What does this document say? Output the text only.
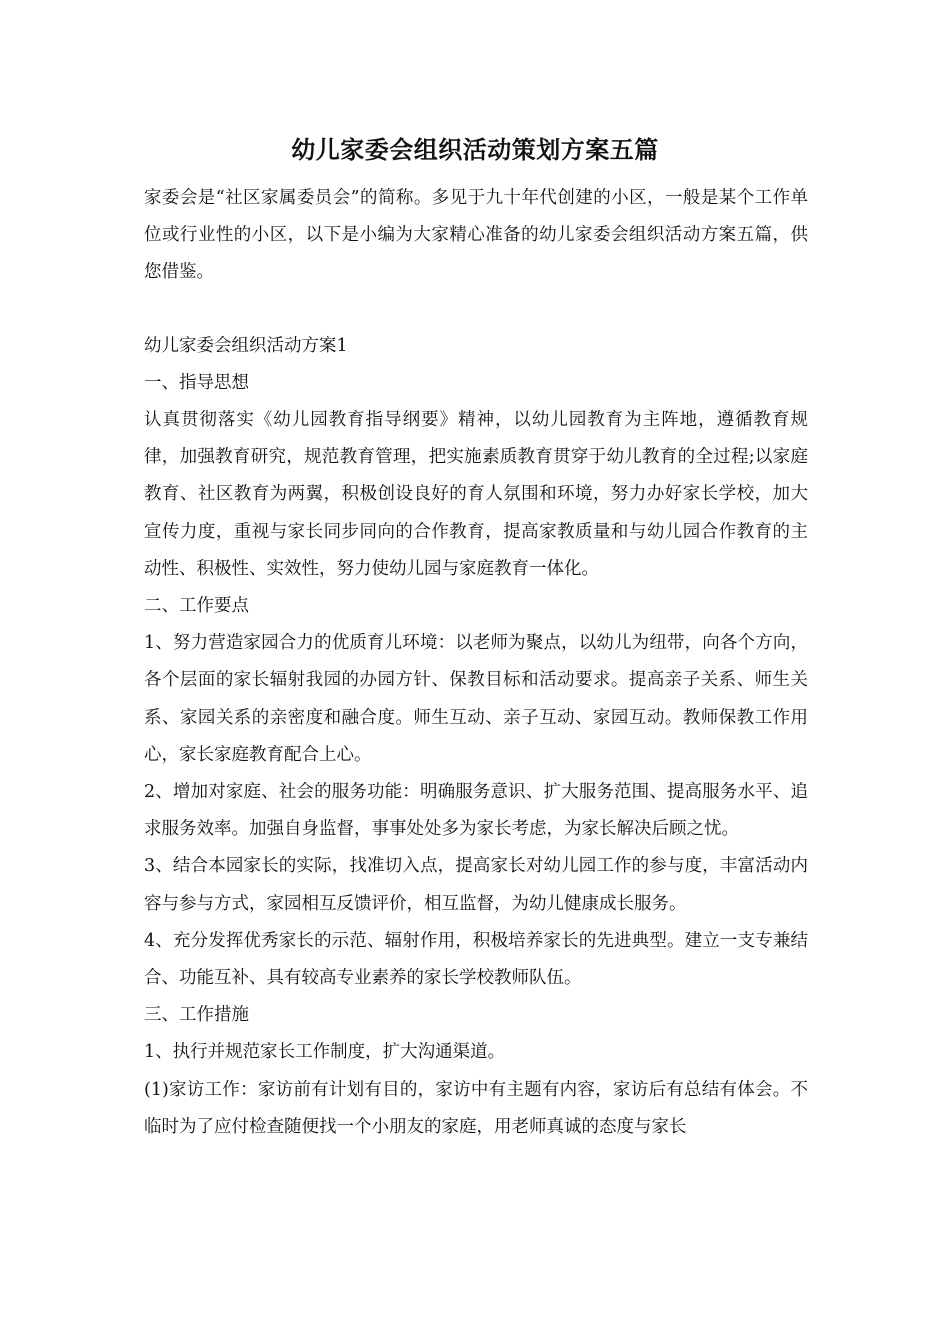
幼儿家委会组织活动策划方案五篇

家委会是“社区家属委员会”的简称。多见于九十年代创建的小区，一般是某个工作单位或行业性的小区，以下是小编为大家精心准备的幼儿家委会组织活动方案五篇，供您借鉴。

幼儿家委会组织活动方案1

一、指导思想

认真贯彻落实《幼儿园教育指导纲要》精神，以幼儿园教育为主阵地，遵循教育规律，加强教育研究，规范教育管理，把实施素质教育贯穿于幼儿教育的全过程;以家庭教育、社区教育为两翼，积极创设良好的育人氛围和环境，努力办好家长学校，加大宣传力度，重视与家长同步同向的合作教育，提高家教质量和与幼儿园合作教育的主动性、积极性、实效性，努力使幼儿园与家庭教育一体化。

二、工作要点

1、努力营造家园合力的优质育儿环境：以老师为聚点，以幼儿为纽带，向各个方向，各个层面的家长辐射我园的办园方针、保教目标和活动要求。提高亲子关系、师生关系、家园关系的亲密度和融合度。师生互动、亲子互动、家园互动。教师保教工作用心，家长家庭教育配合上心。

2、增加对家庭、社会的服务功能：明确服务意识、扩大服务范围、提高服务水平、追求服务效率。加强自身监督，事事处处多为家长考虑，为家长解决后顾之忧。

3、结合本园家长的实际，找准切入点，提高家长对幼儿园工作的参与度，丰富活动内容与参与方式，家园相互反馈评价，相互监督，为幼儿健康成长服务。

4、充分发挥优秀家长的示范、辐射作用，积极培养家长的先进典型。建立一支专兼结合、功能互补、具有较高专业素养的家长学校教师队伍。

三、工作措施

1、执行并规范家长工作制度，扩大沟通渠道。

(1)家访工作：家访前有计划有目的，家访中有主题有内容，家访后有总结有体会。不临时为了应付检查随便找一个小朋友的家庭，用老师真诚的态度与家长
